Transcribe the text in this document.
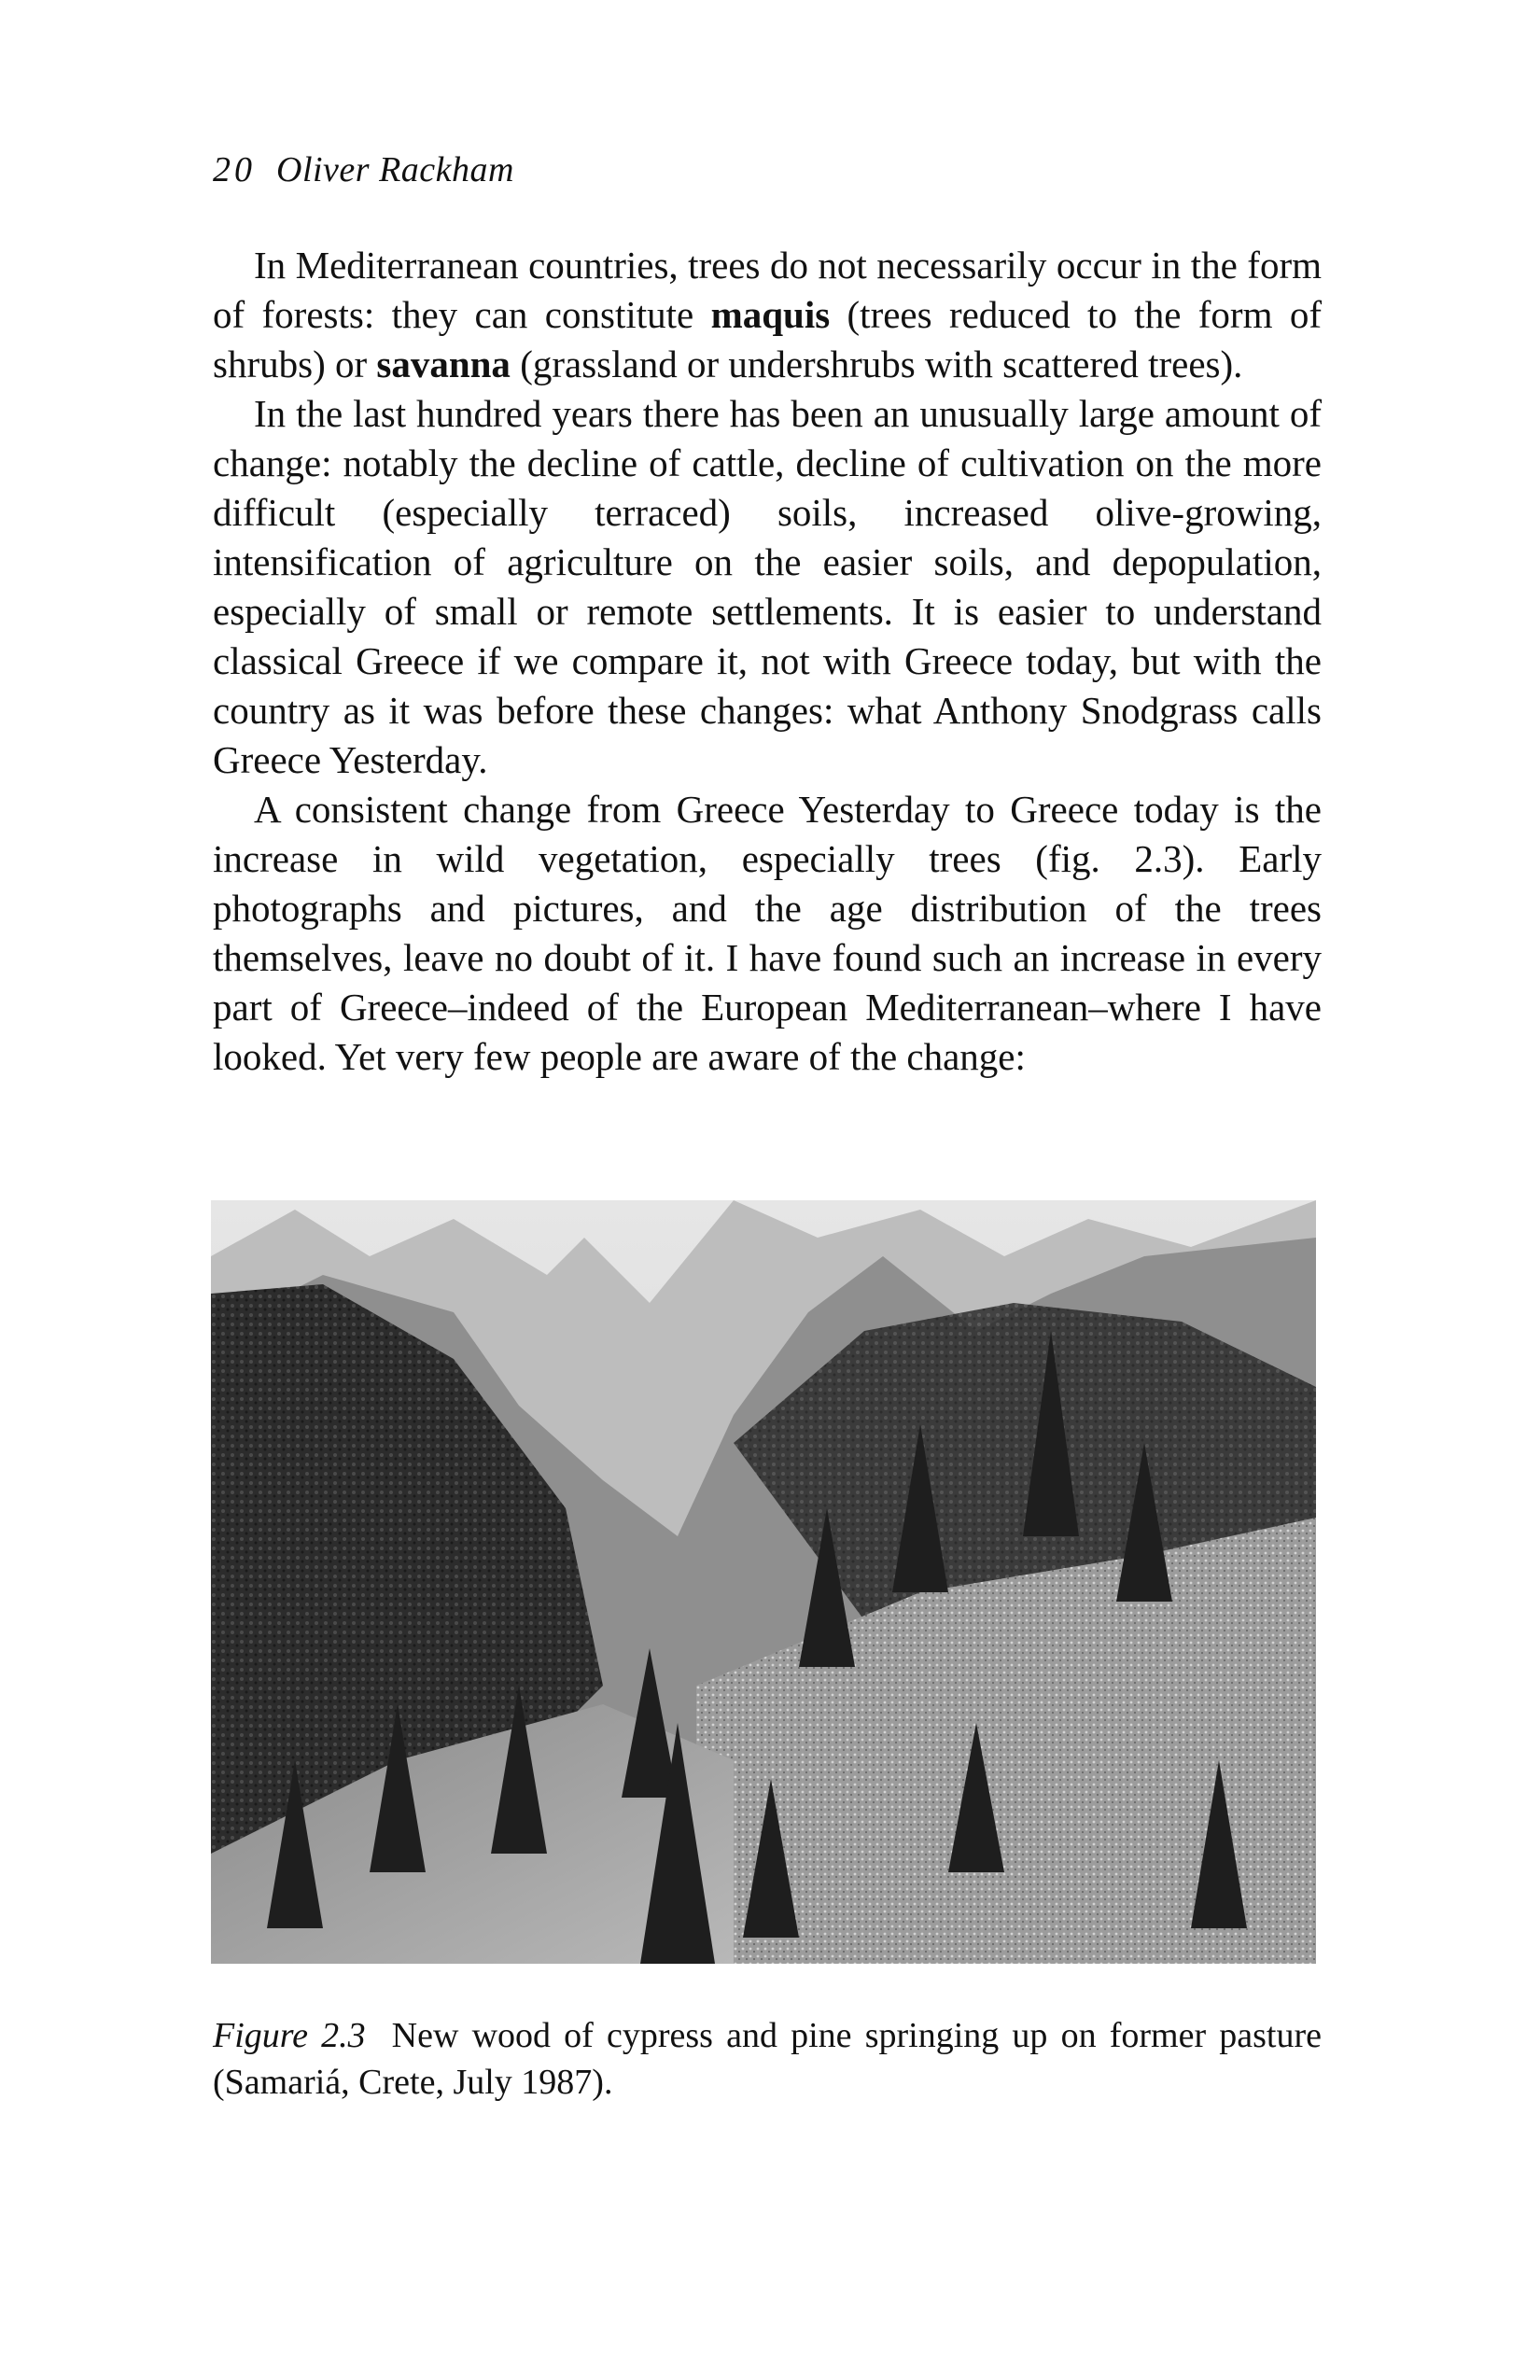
20 Oliver Rackham

In Mediterranean countries, trees do not necessarily occur in the form of forests: they can constitute maquis (trees reduced to the form of shrubs) or savanna (grassland or undershrubs with scattered trees).

In the last hundred years there has been an unusually large amount of change: notably the decline of cattle, decline of cultivation on the more difficult (especially terraced) soils, increased olive-growing, intensification of agriculture on the easier soils, and depopulation, especially of small or remote settlements. It is easier to understand classical Greece if we compare it, not with Greece today, but with the country as it was before these changes: what Anthony Snodgrass calls Greece Yesterday.

A consistent change from Greece Yesterday to Greece today is the increase in wild vegetation, especially trees (fig. 2.3). Early photographs and pictures, and the age distribution of the trees themselves, leave no doubt of it. I have found such an increase in every part of Greece–indeed of the European Mediterranean–where I have looked. Yet very few people are aware of the change:

Figure 2.3 New wood of cypress and pine springing up on former pasture (Samariá, Crete, July 1987).
